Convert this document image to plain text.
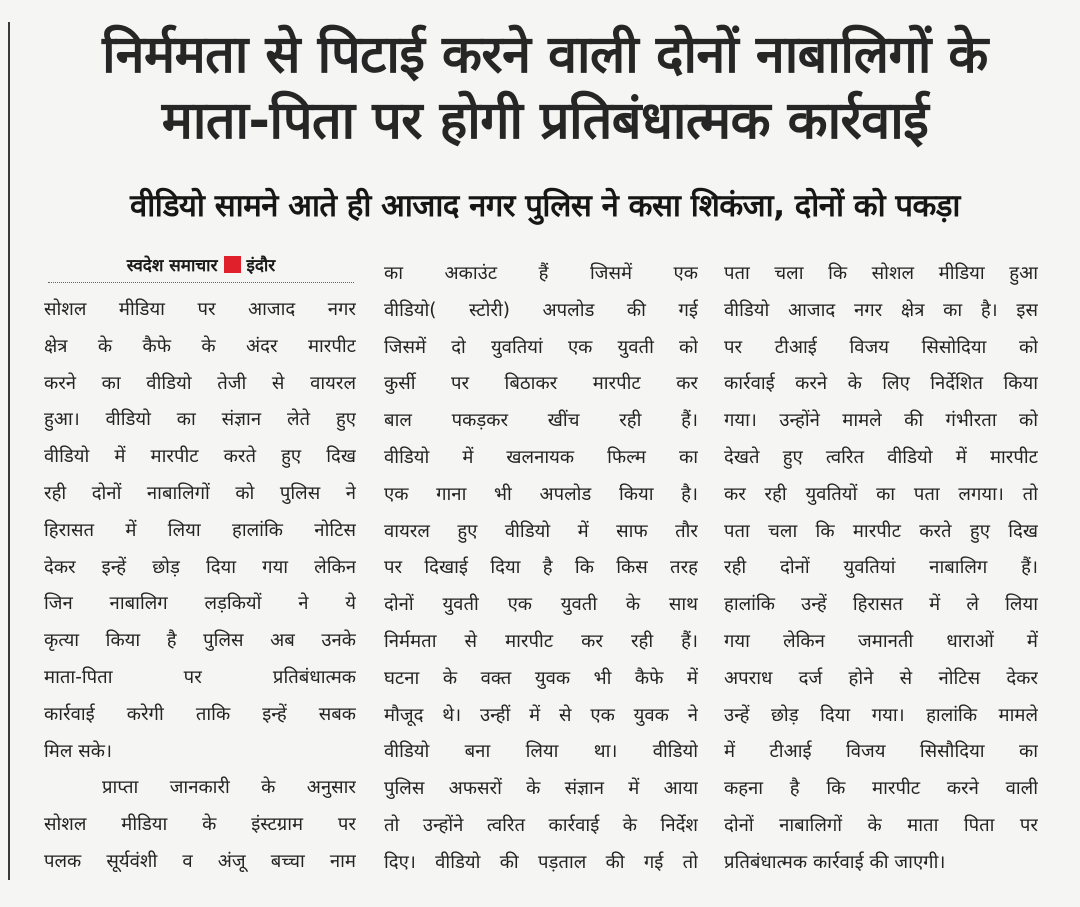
निर्ममता से पिटाई करने वाली दोनों नाबालिगों के
माता-पिता पर होगी प्रतिबंधात्मक कार्रवाई
वीडियो सामने आते ही आजाद नगर पुलिस ने कसा शिकंजा, दोनों को पकड़ा
स्वदेश समाचार इंदौर
सोशल मीडिया पर आजाद नगर
क्षेत्र के कैफे के अंदर मारपीट
करने का वीडियो तेजी से वायरल
हुआ। वीडियो का संज्ञान लेते हुए
वीडियो में मारपीट करते हुए दिख
रही दोनों नाबालिगों को पुलिस ने
हिरासत में लिया हालांकि नोटिस
देकर इन्हें छोड़ दिया गया लेकिन
जिन नाबालिग लड़कियों ने ये
कृत्या किया है पुलिस अब उनके
माता-पिता पर प्रतिबंधात्मक
कार्रवाई करेगी ताकि इन्हें सबक
मिल सके।
प्राप्ता जानकारी के अनुसार
सोशल मीडिया के इंस्टग्राम पर
पलक सूर्यवंशी व अंजू बच्चा नाम
का अकाउंट हैं जिसमें एक
वीडियो( स्टोरी) अपलोड की गई
जिसमें दो युवतियां एक युवती को
कुर्सी पर बिठाकर मारपीट कर
बाल पकड़कर खींच रही हैं।
वीडियो में खलनायक फिल्म का
एक गाना भी अपलोड किया है।
वायरल हुए वीडियो में साफ तौर
पर दिखाई दिया है कि किस तरह
दोनों युवती एक युवती के साथ
निर्ममता से मारपीट कर रही हैं।
घटना के वक्त युवक भी कैफे में
मौजूद थे। उन्हीं में से एक युवक ने
वीडियो बना लिया था। वीडियो
पुलिस अफसरों के संज्ञान में आया
तो उन्होंने त्वरित कार्रवाई के निर्देश
दिए। वीडियो की पड़ताल की गई तो
पता चला कि सोशल मीडिया हुआ
वीडियो आजाद नगर क्षेत्र का है। इस
पर टीआई विजय सिसोदिया को
कार्रवाई करने के लिए निर्देशित किया
गया। उन्होंने मामले की गंभीरता को
देखते हुए त्वरित वीडियो में मारपीट
कर रही युवतियों का पता लगया। तो
पता चला कि मारपीट करते हुए दिख
रही दोनों युवतियां नाबालिग हैं।
हालांकि उन्हें हिरासत में ले लिया
गया लेकिन जमानती धाराओं में
अपराध दर्ज होने से नोटिस देकर
उन्हें छोड़ दिया गया। हालांकि मामले
में टीआई विजय सिसौदिया का
कहना है कि मारपीट करने वाली
दोनों नाबालिगों के माता पिता पर
प्रतिबंधात्मक कार्रवाई की जाएगी।
